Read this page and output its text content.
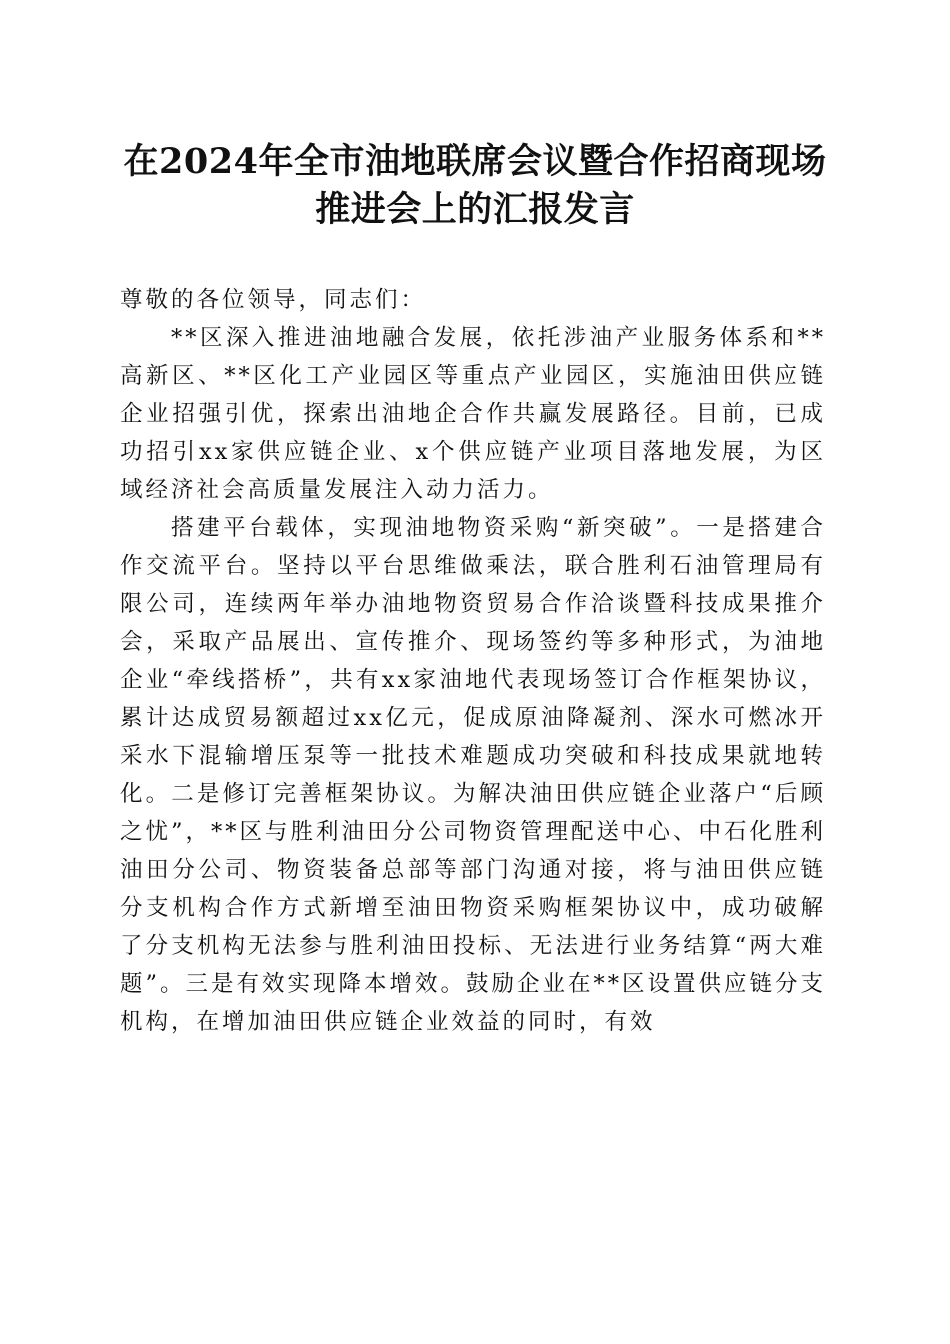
在2024年全市油地联席会议暨合作招商现场
推进会上的汇报发言

尊敬的各位领导，同志们：

**区深入推进油地融合发展，依托涉油产业服务体系和**高新区、**区化工产业园区等重点产业园区，实施油田供应链企业招强引优，探索出油地企合作共赢发展路径。目前，已成功招引xx家供应链企业、x个供应链产业项目落地发展，为区域经济社会高质量发展注入动力活力。

搭建平台载体，实现油地物资采购“新突破”。一是搭建合作交流平台。坚持以平台思维做乘法，联合胜利石油管理局有限公司，连续两年举办油地物资贸易合作洽谈暨科技成果推介会，采取产品展出、宣传推介、现场签约等多种形式，为油地企业“牵线搭桥”，共有xx家油地代表现场签订合作框架协议，累计达成贸易额超过xx亿元，促成原油降凝剂、深水可燃冰开采水下混输增压泵等一批技术难题成功突破和科技成果就地转化。二是修订完善框架协议。为解决油田供应链企业落户“后顾之忧”，**区与胜利油田分公司物资管理配送中心、中石化胜利油田分公司、物资装备总部等部门沟通对接，将与油田供应链分支机构合作方式新增至油田物资采购框架协议中，成功破解了分支机构无法参与胜利油田投标、无法进行业务结算“两大难题”。三是有效实现降本增效。鼓励企业在**区设置供应链分支机构，在增加油田供应链企业效益的同时，有效
